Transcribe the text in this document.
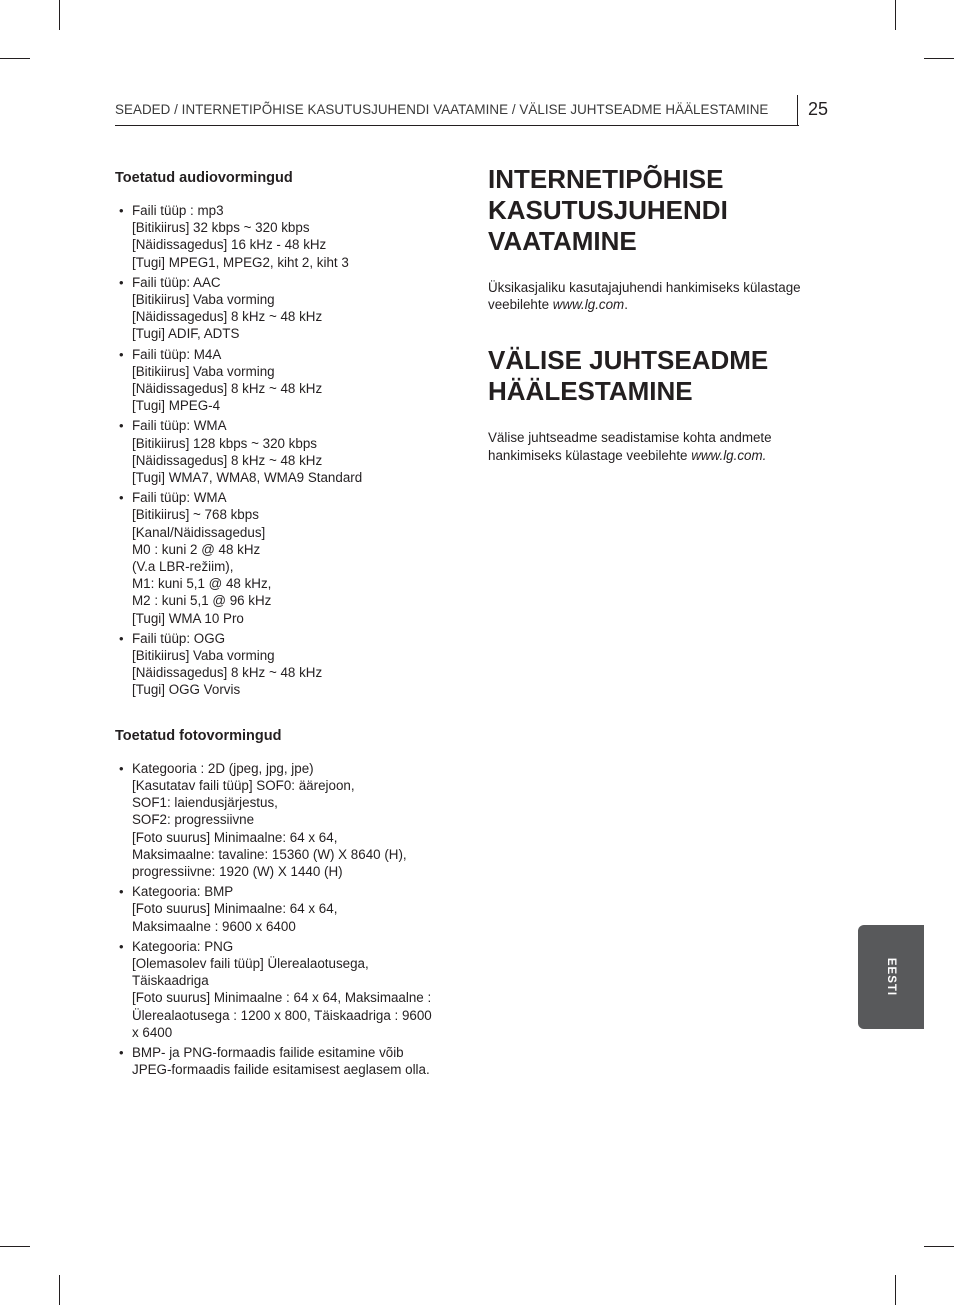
SEADED / INTERNETIPÕHISE KASUTUSJUHENDI VAATAMINE / VÄLISE JUHTSEADME HÄÄLESTAMINE	25
Toetatud audiovormingud
• Faili tüüp : mp3
[Bitikiirus] 32 kbps ~ 320 kbps
[Näidissagedus] 16 kHz - 48 kHz
[Tugi] MPEG1, MPEG2, kiht 2, kiht 3
• Faili tüüp: AAC
[Bitikiirus] Vaba vorming
[Näidissagedus] 8 kHz ~ 48 kHz
[Tugi] ADIF, ADTS
• Faili tüüp: M4A
[Bitikiirus] Vaba vorming
[Näidissagedus] 8 kHz ~ 48 kHz
[Tugi] MPEG-4
• Faili tüüp: WMA
[Bitikiirus] 128 kbps ~ 320 kbps
[Näidissagedus] 8 kHz ~ 48 kHz
[Tugi] WMA7, WMA8, WMA9 Standard
• Faili tüüp: WMA
[Bitikiirus] ~ 768 kbps
[Kanal/Näidissagedus]
M0 : kuni 2 @ 48 kHz
(V.a LBR-režiim),
M1: kuni 5,1 @ 48 kHz,
M2 : kuni 5,1 @ 96 kHz
[Tugi] WMA 10 Pro
• Faili tüüp: OGG
[Bitikiirus] Vaba vorming
[Näidissagedus] 8 kHz ~ 48 kHz
[Tugi] OGG Vorvis
Toetatud fotovormingud
• Kategooria : 2D (jpeg, jpg, jpe)
[Kasutatav faili tüüp] SOF0: äärejoon,
SOF1: laiendusjärjestus,
SOF2: progressiivne
[Foto suurus] Minimaalne: 64 x 64,
Maksimaalne: tavaline: 15360 (W) X 8640 (H),
progressiivne: 1920 (W) X 1440 (H)
• Kategooria: BMP
[Foto suurus] Minimaalne: 64 x 64,
Maksimaalne : 9600 x 6400
• Kategooria: PNG
[Olemasolev faili tüüp] Ülerealaotusega,
Täiskaadriga
[Foto suurus] Minimaalne : 64 x 64, Maksimaalne :
Ülerealaotusega : 1200 x 800, Täiskaadriga : 9600
x 6400
• BMP- ja PNG-formaadis failide esitamine võib
JPEG-formaadis failide esitamisest aeglasem olla.
INTERNETIPÕHISE
KASUTUSJUHENDI
VAATAMINE

Üksikasjaliku kasutajajuhendi hankimiseks külastage
veebilehte www.lg.com.

VÄLISE JUHTSEADME
HÄÄLESTAMINE

Välise juhtseadme seadistamise kohta andmete
hankimiseks külastage veebilehte www.lg.com.

EESTI
